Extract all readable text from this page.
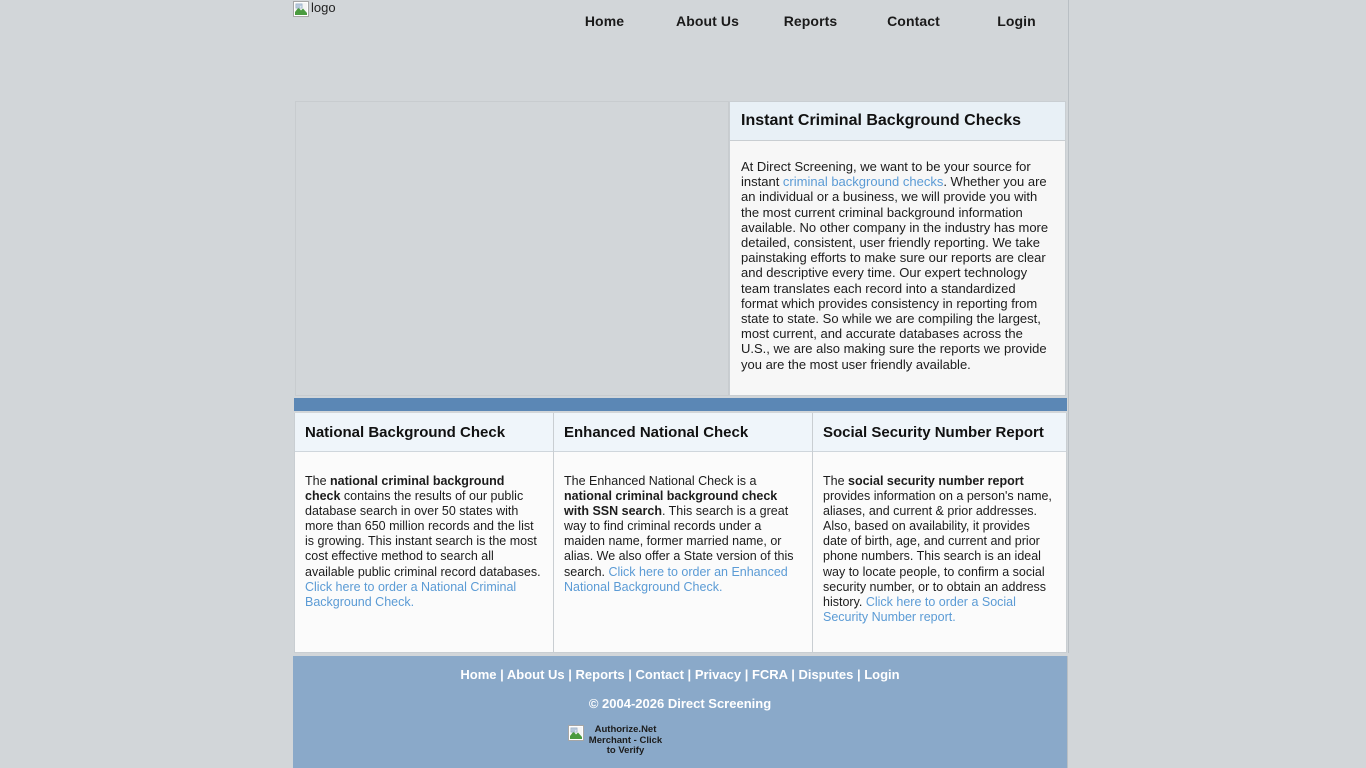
logo
Home	About Us	Reports	Contact	Login
Instant Criminal Background Checks
At Direct Screening, we want to be your source for instant criminal background checks. Whether you are an individual or a business, we will provide you with the most current criminal background information available. No other company in the industry has more detailed, consistent, user friendly reporting. We take painstaking efforts to make sure our reports are clear and descriptive every time. Our expert technology team translates each record into a standardized format which provides consistency in reporting from state to state. So while we are compiling the largest, most current, and accurate databases across the U.S., we are also making sure the reports we provide you are the most user friendly available.
National Background Check
The national criminal background check contains the results of our public database search in over 50 states with more than 650 million records and the list is growing. This instant search is the most cost effective method to search all available public criminal record databases. Click here to order a National Criminal Background Check.
Enhanced National Check
The Enhanced National Check is a national criminal background check with SSN search. This search is a great way to find criminal records under a maiden name, former married name, or alias. We also offer a State version of this search. Click here to order an Enhanced National Background Check.
Social Security Number Report
The social security number report provides information on a person's name, aliases, and current & prior addresses. Also, based on availability, it provides date of birth, age, and current and prior phone numbers. This search is an ideal way to locate people, to confirm a social security number, or to obtain an address history. Click here to order a Social Security Number report.
Home | About Us | Reports | Contact | Privacy | FCRA | Disputes | Login
© 2004-2026 Direct Screening
Authorize.Net Merchant - Click to Verify
